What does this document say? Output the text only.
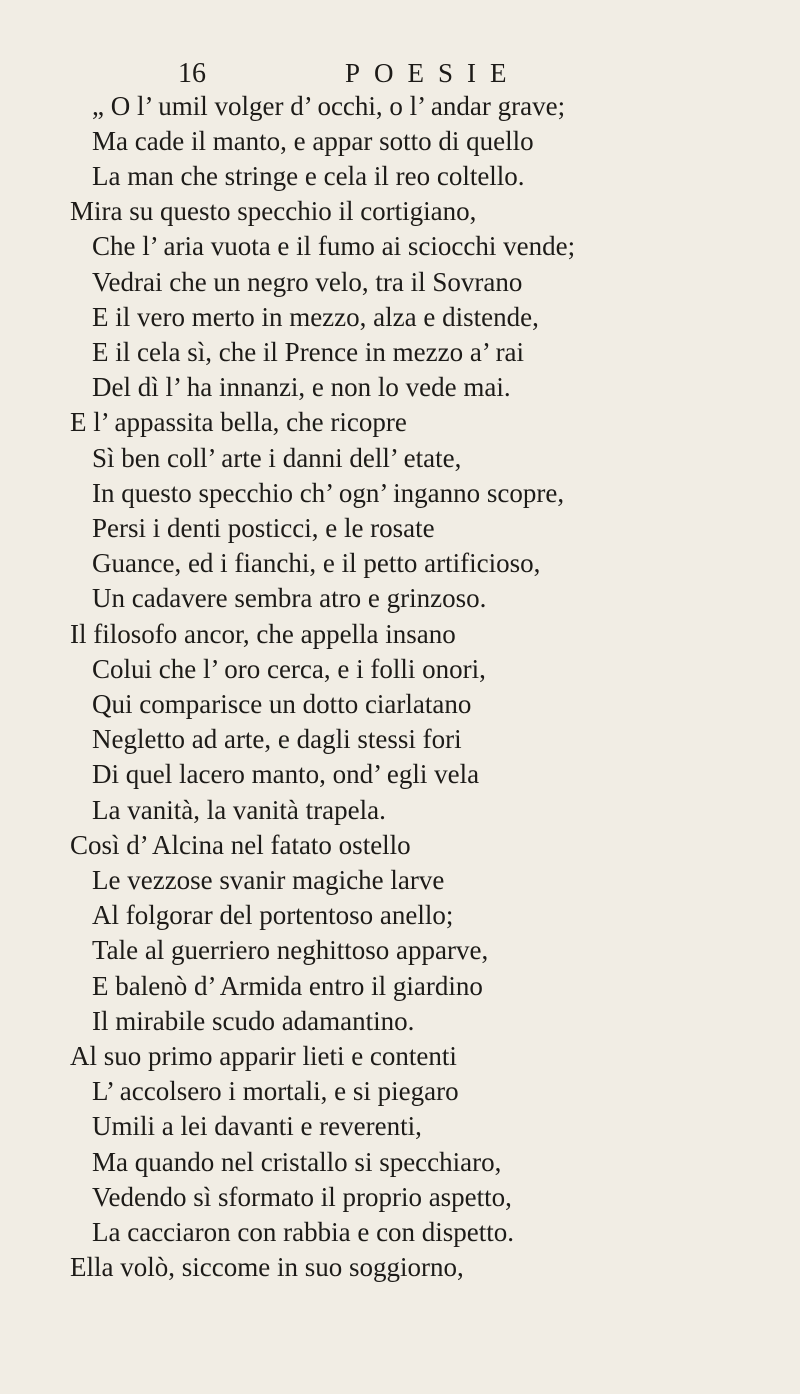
16	POESIE
„ O l’ umil volger d’ occhi, o l’ andar grave;
Ma cade il manto, e appar sotto di quello
La man che stringe e cela il reo coltello.
Mira su questo specchio il cortigiano,
Che l’ aria vuota e il fumo ai sciocchi vende;
Vedrai che un negro velo, tra il Sovrano
E il vero merto in mezzo, alza e distende,
E il cela sì, che il Prence in mezzo a’ rai
Del dì l’ ha innanzi, e non lo vede mai.
E l’ appassita bella, che ricopre
Sì ben coll’ arte i danni dell’ etate,
In questo specchio ch’ ogn’ inganno scopre,
Persi i denti posticci, e le rosate
Guance, ed i fianchi, e il petto artificioso,
Un cadavere sembra atro e grinzoso.
Il filosofo ancor, che appella insano
Colui che l’ oro cerca, e i folli onori,
Qui comparisce un dotto ciarlatano
Negletto ad arte, e dagli stessi fori
Di quel lacero manto, ond’ egli vela
La vanità, la vanità trapela.
Così d’ Alcina nel fatato ostello
Le vezzose svanir magiche larve
Al folgorar del portentoso anello;
Tale al guerriero neghittoso apparve,
E balenò d’ Armida entro il giardino
Il mirabile scudo adamantino.
Al suo primo apparir lieti e contenti
L’ accolsero i mortali, e si piegaro
Umili a lei davanti e reverenti,
Ma quando nel cristallo si specchiaro,
Vedendo sì sformato il proprio aspetto,
La cacciaron con rabbia e con dispetto.
Ella volò, siccome in suo soggiorno,
